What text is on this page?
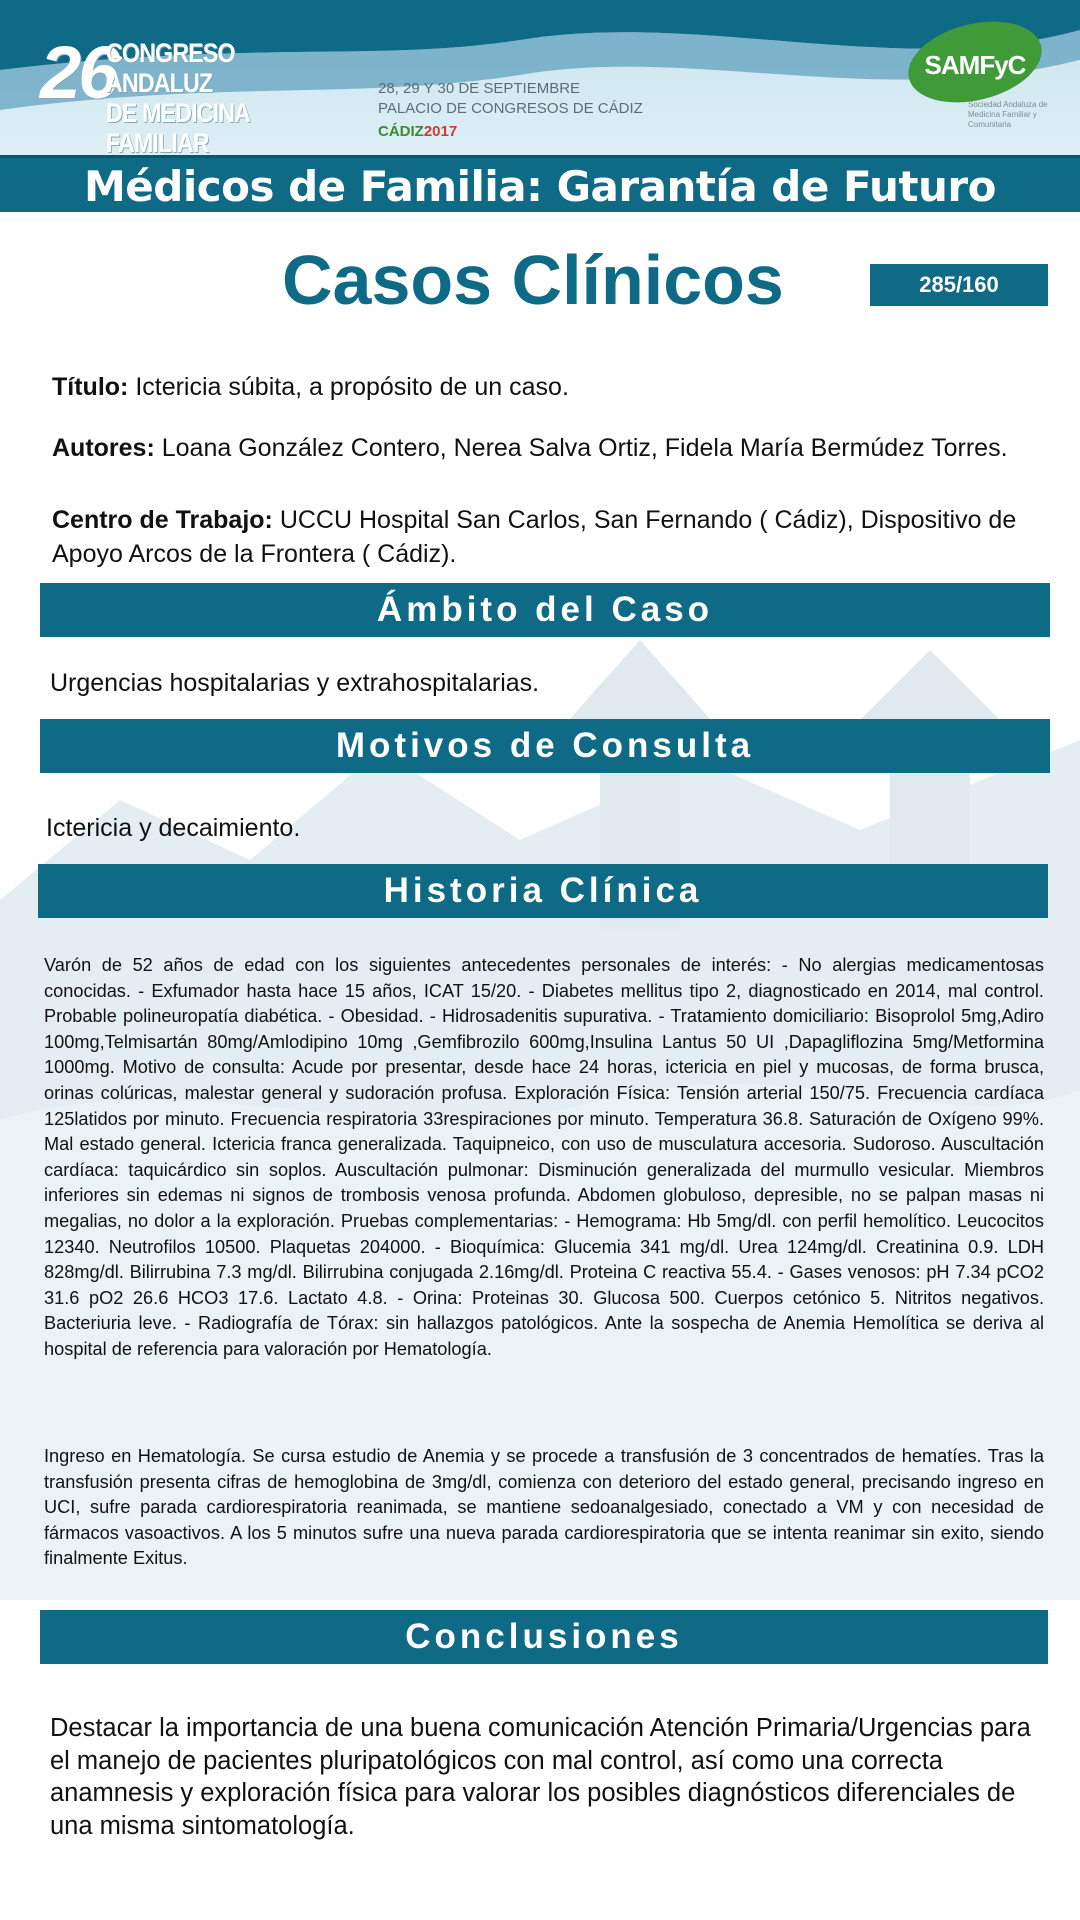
26
CONGRESO ANDALUZ
DE MEDICINA FAMILIAR
28, 29 Y 30 DE SEPTIEMBRE
PALACIO DE CONGRESOS DE CÁDIZ
CÁDIZ2017
SAMFyC
Sociedad Andaluza de Medicina Familiar y Comunitaria
Médicos de Familia: Garantía de Futuro
Casos Clínicos	285/160
Título: Ictericia súbita, a propósito de un caso.
Autores: Loana González Contero, Nerea Salva Ortiz, Fidela María Bermúdez Torres.
Centro de Trabajo: UCCU Hospital San Carlos, San Fernando ( Cádiz), Dispositivo de Apoyo Arcos de la Frontera ( Cádiz).
Ámbito del Caso
Urgencias hospitalarias y extrahospitalarias.
Motivos de Consulta
Ictericia y decaimiento.
Historia Clínica
Varón de 52 años de edad con los siguientes antecedentes personales de interés: - No alergias medicamentosas conocidas. - Exfumador hasta hace 15 años, ICAT 15/20. - Diabetes mellitus tipo 2, diagnosticado en 2014, mal control. Probable polineuropatía diabética. - Obesidad. - Hidrosadenitis supurativa. - Tratamiento domiciliario: Bisoprolol 5mg,Adiro 100mg,Telmisartán 80mg/Amlodipino 10mg ,Gemfibrozilo 600mg,Insulina Lantus 50 UI ,Dapagliflozina 5mg/Metformina 1000mg. Motivo de consulta: Acude por presentar, desde hace 24 horas, ictericia en piel y mucosas, de forma brusca, orinas colúricas, malestar general y sudoración profusa. Exploración Física: Tensión arterial 150/75. Frecuencia cardíaca 125latidos por minuto. Frecuencia respiratoria 33respiraciones por minuto. Temperatura 36.8. Saturación de Oxígeno 99%. Mal estado general. Ictericia franca generalizada. Taquipneico, con uso de musculatura accesoria. Sudoroso. Auscultación cardíaca: taquicárdico sin soplos. Auscultación pulmonar: Disminución generalizada del murmullo vesicular. Miembros inferiores sin edemas ni signos de trombosis venosa profunda. Abdomen globuloso, depresible, no se palpan masas ni megalias, no dolor a la exploración. Pruebas complementarias: - Hemograma: Hb 5mg/dl. con perfil hemolítico. Leucocitos 12340. Neutrofilos 10500. Plaquetas 204000. - Bioquímica: Glucemia 341 mg/dl. Urea 124mg/dl. Creatinina 0.9. LDH 828mg/dl. Bilirrubina 7.3 mg/dl. Bilirrubina conjugada 2.16mg/dl. Proteina C reactiva 55.4. - Gases venosos: pH 7.34 pCO2 31.6 pO2 26.6 HCO3 17.6. Lactato 4.8. - Orina: Proteinas 30. Glucosa 500. Cuerpos cetónico 5. Nitritos negativos. Bacteriuria leve. - Radiografía de Tórax: sin hallazgos patológicos. Ante la sospecha de Anemia Hemolítica se deriva al hospital de referencia para valoración por Hematología.
Ingreso en Hematología. Se cursa estudio de Anemia y se procede a transfusión de 3 concentrados de hematíes. Tras la transfusión presenta cifras de hemoglobina de 3mg/dl, comienza con deterioro del estado general, precisando ingreso en UCI, sufre parada cardiorespiratoria reanimada, se mantiene sedoanalgesiado, conectado a VM y con necesidad de fármacos vasoactivos. A los 5 minutos sufre una nueva parada cardiorespiratoria que se intenta reanimar sin exito, siendo finalmente Exitus.
Conclusiones
Destacar la importancia de una buena comunicación Atención Primaria/Urgencias para el manejo de pacientes pluripatológicos con mal control, así como una correcta anamnesis y exploración física para valorar los posibles diagnósticos diferenciales de una misma sintomatología.
